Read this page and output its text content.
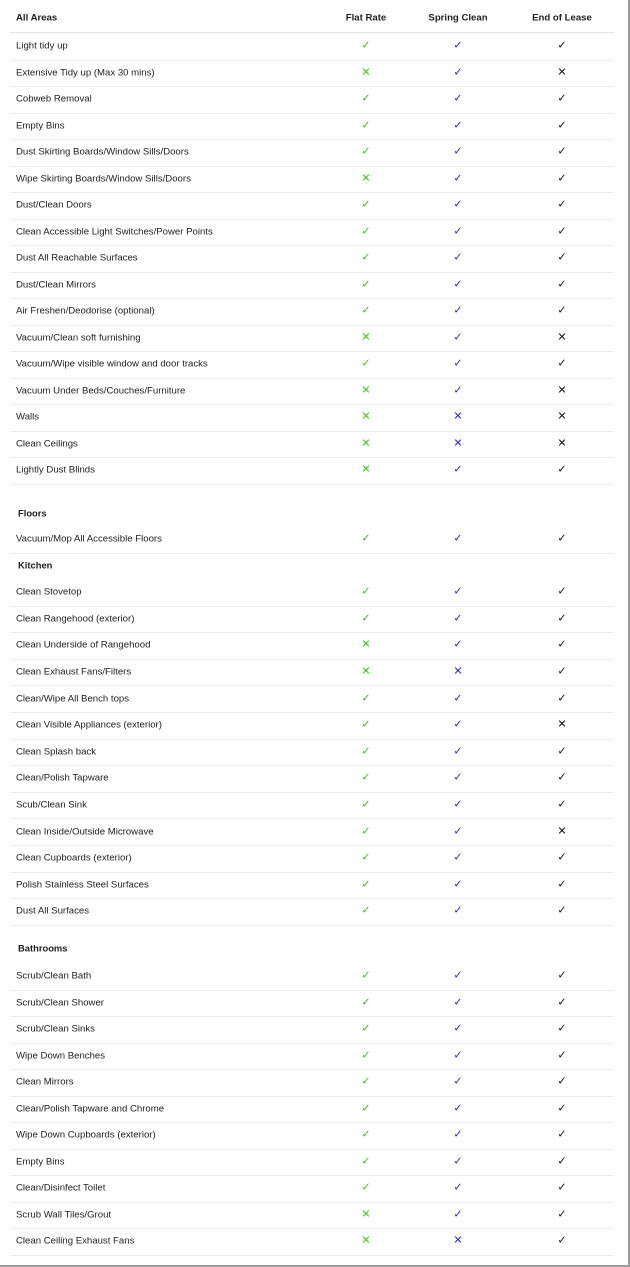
All Areas	Flat Rate	Spring Clean	End of Lease
Light tidy up	✓	✓	✓
Extensive Tidy up (Max 30 mins)	✕	✓	✕
Cobweb Removal	✓	✓	✓
Empty Bins	✓	✓	✓
Dust Skirting Boards/Window Sills/Doors	✓	✓	✓
Wipe Skirting Boards/Window Sills/Doors	✕	✓	✓
Dust/Clean Doors	✓	✓	✓
Clean Accessible Light Switches/Power Points	✓	✓	✓
Dust All Reachable Surfaces	✓	✓	✓
Dust/Clean Mirrors	✓	✓	✓
Air Freshen/Deodorise (optional)	✓	✓	✓
Vacuum/Clean soft furnishing	✕	✓	✕
Vacuum/Wipe visible window and door tracks	✓	✓	✓
Vacuum Under Beds/Couches/Furniture	✕	✓	✕
Walls	✕	✕	✕
Clean Ceilings	✕	✕	✕
Lightly Dust Blinds	✕	✓	✓
Floors
Vacuum/Mop All Accessible Floors	✓	✓	✓
Kitchen
Clean Stovetop	✓	✓	✓
Clean Rangehood (exterior)	✓	✓	✓
Clean Underside of Rangehood	✕	✓	✓
Clean Exhaust Fans/Filters	✕	✕	✓
Clean/Wipe All Bench tops	✓	✓	✓
Clean Visible Appliances (exterior)	✓	✓	✕
Clean Splash back	✓	✓	✓
Clean/Polish Tapware	✓	✓	✓
Scub/Clean Sink	✓	✓	✓
Clean Inside/Outside Microwave	✓	✓	✕
Clean Cupboards (exterior)	✓	✓	✓
Polish Stainless Steel Surfaces	✓	✓	✓
Dust All Surfaces	✓	✓	✓
Bathrooms
Scrub/Clean Bath	✓	✓	✓
Scrub/Clean Shower	✓	✓	✓
Scrub/Clean Sinks	✓	✓	✓
Wipe Down Benches	✓	✓	✓
Clean Mirrors	✓	✓	✓
Clean/Polish Tapware and Chrome	✓	✓	✓
Wipe Down Cupboards (exterior)	✓	✓	✓
Empty Bins	✓	✓	✓
Clean/Disinfect Toilet	✓	✓	✓
Scrub Wall Tiles/Grout	✕	✓	✓
Clean Ceiling Exhaust Fans	✕	✕	✓
